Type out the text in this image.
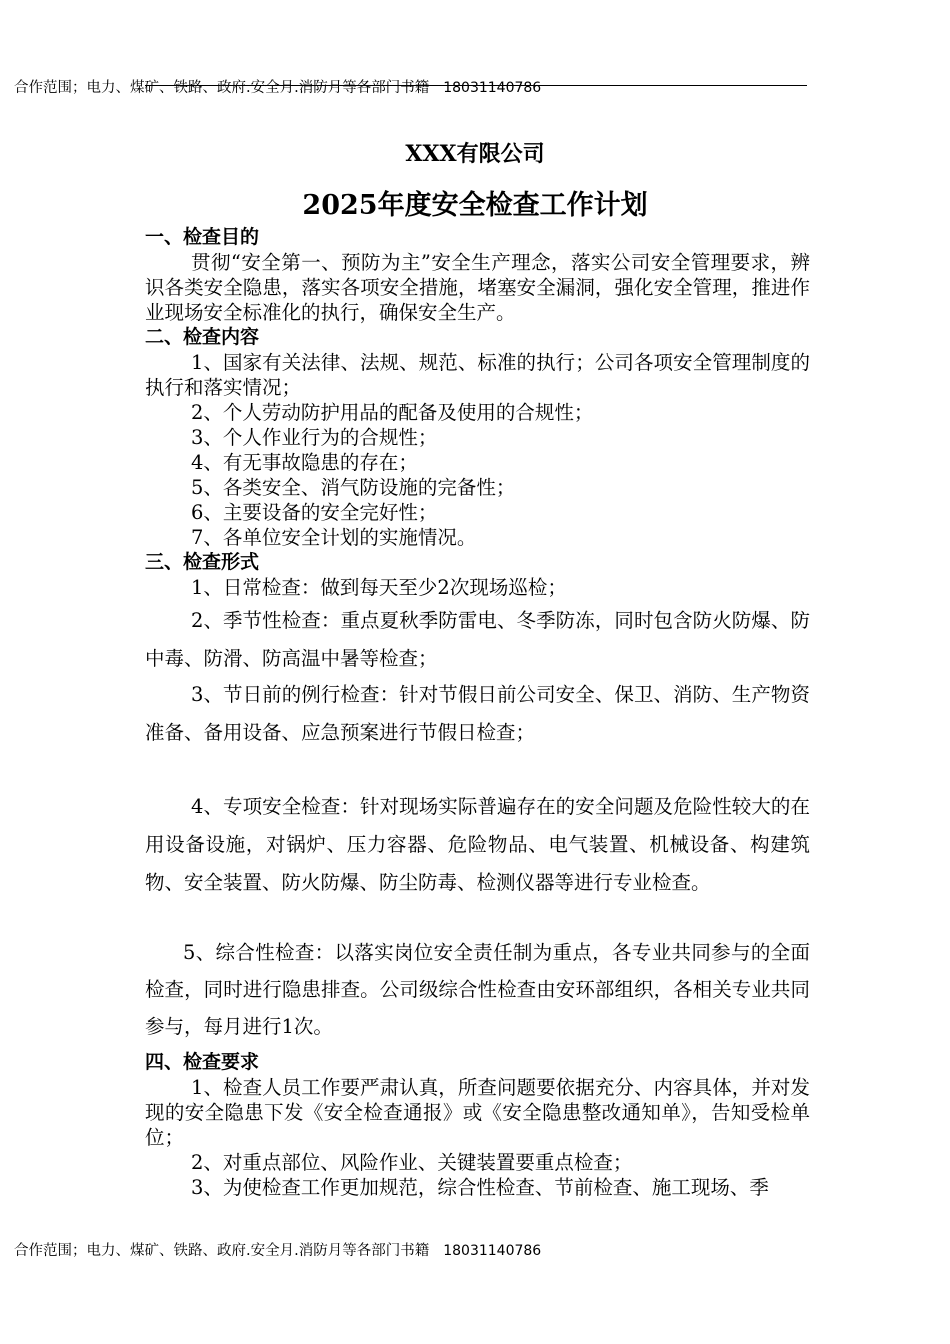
合作范围；电力、煤矿、铁路、政府.安全月.消防月等各部门书籍 18031140786
XXX有限公司
2025年度安全检查工作计划
一、检查目的

贯彻“安全第一、预防为主”安全生产理念，落实公司安全管理要求，辨识各类安全隐患，落实各项安全措施，堵塞安全漏洞，强化安全管理，推进作业现场安全标准化的执行，确保安全生产。

二、检查内容

1、国家有关法律、法规、规范、标准的执行；公司各项安全管理制度的执行和落实情况；

2、个人劳动防护用品的配备及使用的合规性；

3、个人作业行为的合规性；

4、有无事故隐患的存在；

5、各类安全、消气防设施的完备性；

6、主要设备的安全完好性；

7、各单位安全计划的实施情况。

三、检查形式

1、日常检查：做到每天至少2次现场巡检；

2、季节性检查：重点夏秋季防雷电、冬季防冻，同时包含防火防爆、防中毒、防滑、防高温中暑等检查；

3、节日前的例行检查：针对节假日前公司安全、保卫、消防、生产物资准备、备用设备、应急预案进行节假日检查；

4、专项安全检查：针对现场实际普遍存在的安全问题及危险性较大的在用设备设施，对锅炉、压力容器、危险物品、电气装置、机械设备、构建筑物、安全装置、防火防爆、防尘防毒、检测仪器等进行专业检查。

5、综合性检查：以落实岗位安全责任制为重点，各专业共同参与的全面检查，同时进行隐患排查。公司级综合性检查由安环部组织，各相关专业共同参与，每月进行1次。

四、检查要求

1、检查人员工作要严肃认真，所查问题要依据充分、内容具体，并对发现的安全隐患下发《安全检查通报》或《安全隐患整改通知单》，告知受检单位；

2、对重点部位、风险作业、关键装置要重点检查；

3、为使检查工作更加规范，综合性检查、节前检查、施工现场、季

合作范围；电力、煤矿、铁路、政府.安全月.消防月等各部门书籍 18031140786
